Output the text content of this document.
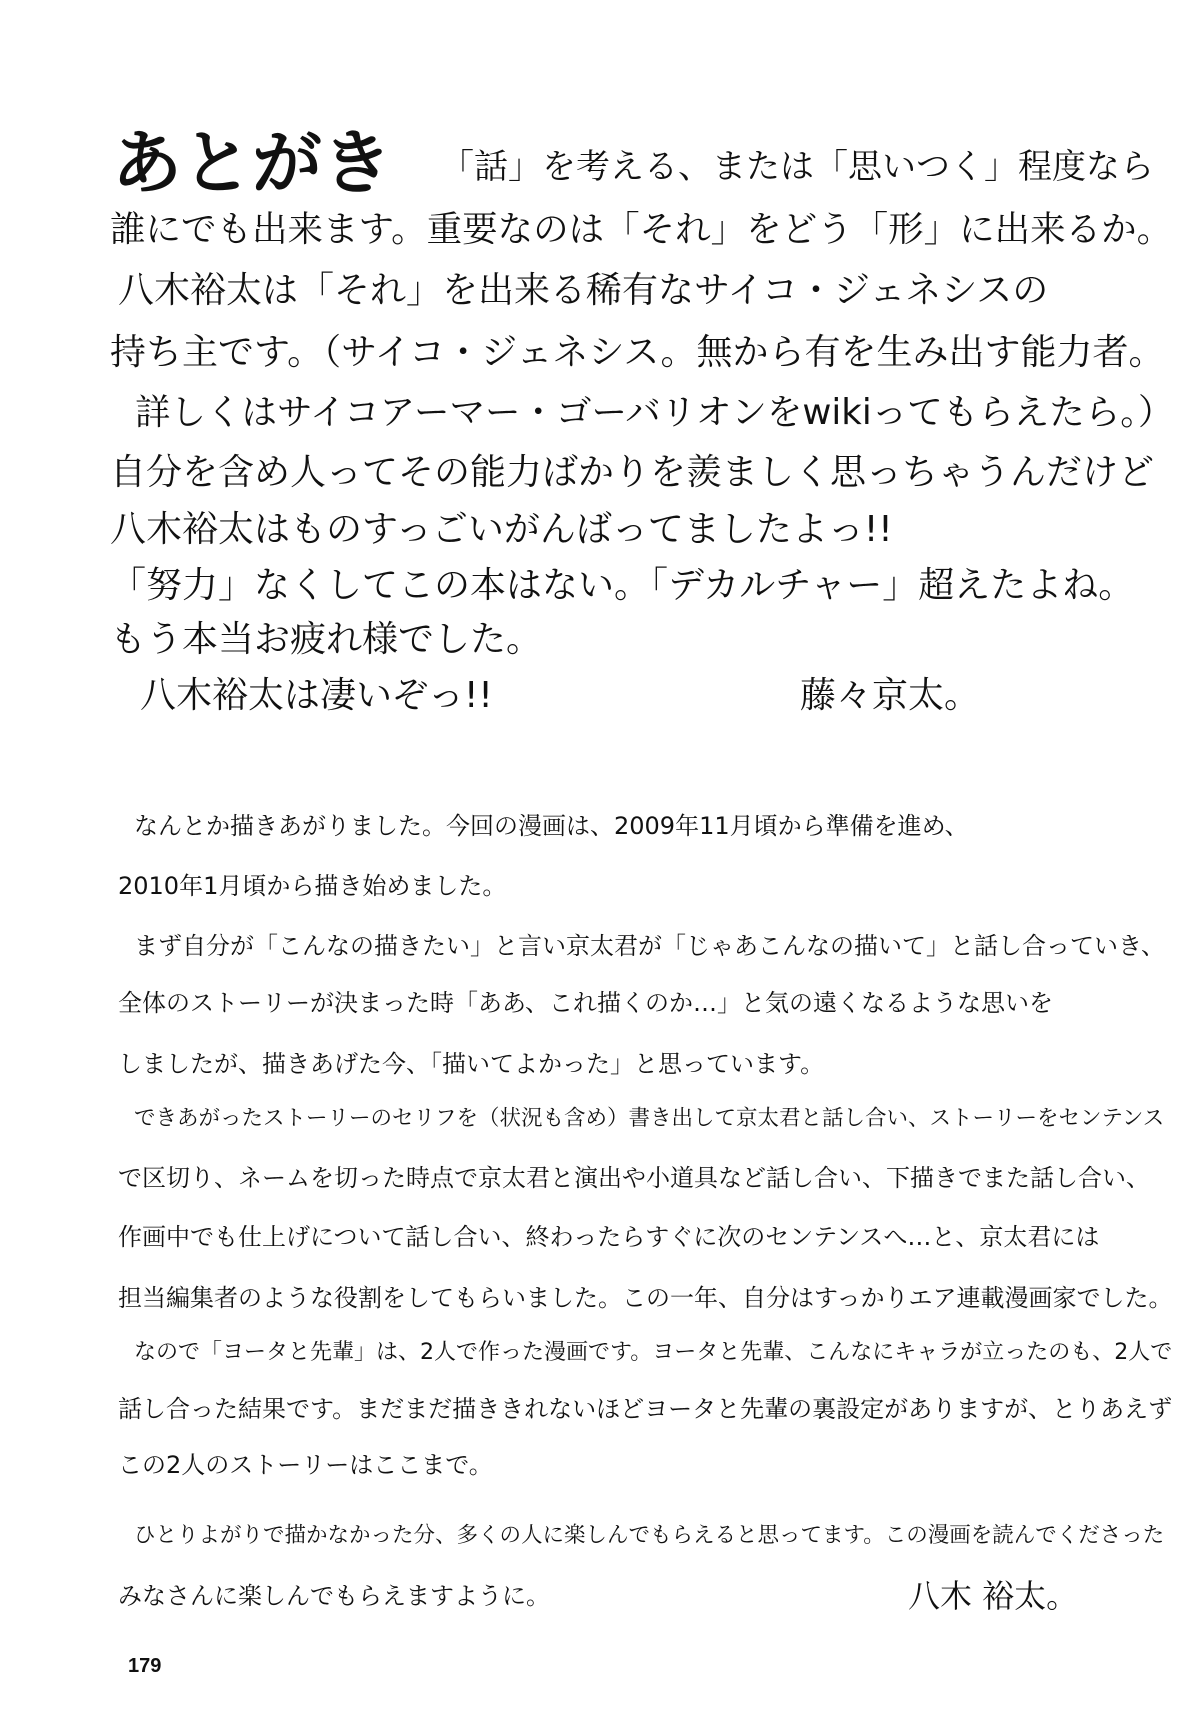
あとがき 「話」を考える、または「思いつく」程度なら
誰にでも出来ます。重要なのは「それ」をどう「形」に出来るか。
八木裕太は「それ」を出来る稀有なサイコ・ジェネシスの
持ち主です。（サイコ・ジェネシス。無から有を生み出す能力者。
詳しくはサイコアーマー・ゴーバリオンをwikiってもらえたら。）
自分を含め人ってその能力ばかりを羨ましく思っちゃうんだけど
八木裕太はものすっごいがんばってましたよっ!!
「努力」なくしてこの本はない。「デカルチャー」超えたよね。
もう本当お疲れ様でした。
八木裕太は凄いぞっ!!	藤々京太。
なんとか描きあがりました。今回の漫画は、2009年11月頃から準備を進め、
2010年1月頃から描き始めました。
まず自分が「こんなの描きたい」と言い京太君が「じゃあこんなの描いて」と話し合っていき、
全体のストーリーが決まった時「ああ、これ描くのか…」と気の遠くなるような思いを
しましたが、描きあげた今、「描いてよかった」と思っています。
できあがったストーリーのセリフを（状況も含め）書き出して京太君と話し合い、ストーリーをセンテンス
で区切り、ネームを切った時点で京太君と演出や小道具など話し合い、下描きでまた話し合い、
作画中でも仕上げについて話し合い、終わったらすぐに次のセンテンスへ…と、京太君には
担当編集者のような役割をしてもらいました。この一年、自分はすっかりエア連載漫画家でした。
なので「ヨータと先輩」は、2人で作った漫画です。ヨータと先輩、こんなにキャラが立ったのも、2人で
話し合った結果です。まだまだ描ききれないほどヨータと先輩の裏設定がありますが、とりあえず
この2人のストーリーはここまで。
ひとりよがりで描かなかった分、多くの人に楽しんでもらえると思ってます。この漫画を読んでくださった
みなさんに楽しんでもらえますように。	八木 裕太。
179
